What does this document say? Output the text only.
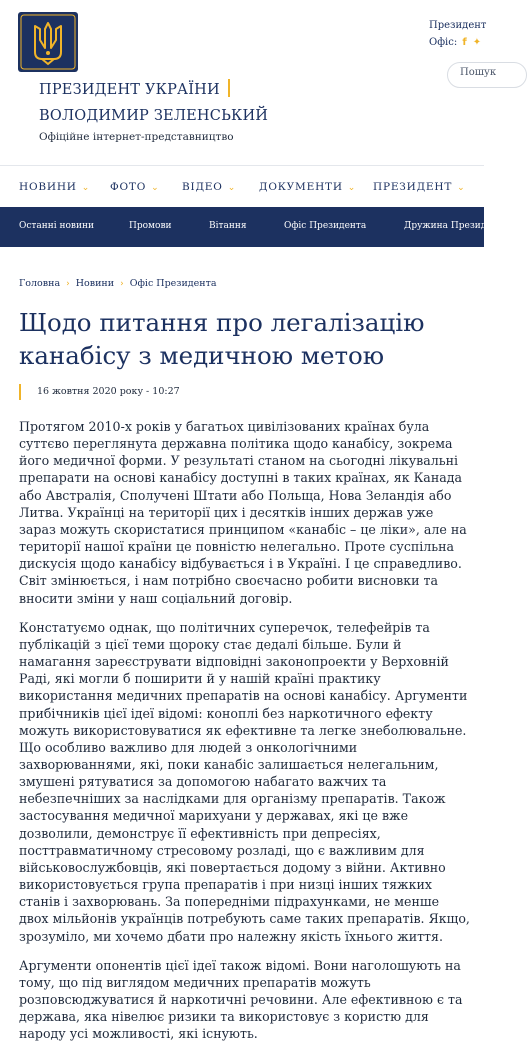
ПРЕЗИДЕНТ УКРАЇНИВОЛОДИМИР ЗЕЛЕНСЬКИЙ
Офіційне інтернет-представництво
Президент
Офіс: f ✦
Пошук
НОВИНИ ⌄ ФОТО ⌄ ВІДЕО ⌄ ДОКУМЕНТИ ⌄ ПРЕЗИДЕНТ ⌄
Останні новини	Промови	Вітання	Офіс Президента	Дружина Президента
Головна › Новини › Офіс Президента
Щодо питання про легалізацію канабісу з медичною метою
16 жовтня 2020 року - 10:27

Протягом 2010-х років у багатьох цивілізованих країнах була суттєво переглянута державна політика щодо канабісу, зокрема його медичної форми. У результаті станом на сьогодні лікувальні препарати на основі канабісу доступні в таких країнах, як Канада або Австралія, Сполучені Штати або Польща, Нова Зеландія або Литва. Українці на території цих і десятків інших держав уже зараз можуть скористатися принципом «канабіс – це ліки», але на території нашої країни це повністю нелегально. Проте суспільна дискусія щодо канабісу відбувається і в Україні. І це справедливо. Світ змінюється, і нам потрібно своєчасно робити висновки та вносити зміни у наш соціальний договір.

Констатуємо однак, що політичних суперечок, телефейрів та публікацій з цієї теми щороку стає дедалі більше. Були й намагання зареєструвати відповідні законопроекти у Верховній Раді, які могли б поширити й у нашій країні практику використання медичних препаратів на основі канабісу. Аргументи прибічників цієї ідеї відомі: коноплі без наркотичного ефекту можуть використовуватися як ефективне та легке знеболювальне. Що особливо важливо для людей з онкологічними захворюваннями, які, поки канабіс залишається нелегальним, змушені рятуватися за допомогою набагато важчих та небезпечніших за наслідками для організму препаратів. Також застосування медичної марихуани у державах, які це вже дозволили, демонструє її ефективність при депресіях, посттравматичному стресовому розладі, що є важливим для військовослужбовців, які повертається додому з війни. Активно використовується група препаратів і при низці інших тяжких станів і захворювань. За попередніми підрахунками, не менше двох мільйонів українців потребують саме таких препаратів. Якщо, зрозуміло, ми хочемо дбати про належну якість їхнього життя.

Аргументи опонентів цієї ідеї також відомі. Вони наголошують на тому, що під виглядом медичних препаратів можуть розповсюджуватися й наркотичні речовини. Але ефективною є та держава, яка нівелює ризики та використовує з користю для народу усі можливості, які існують.
